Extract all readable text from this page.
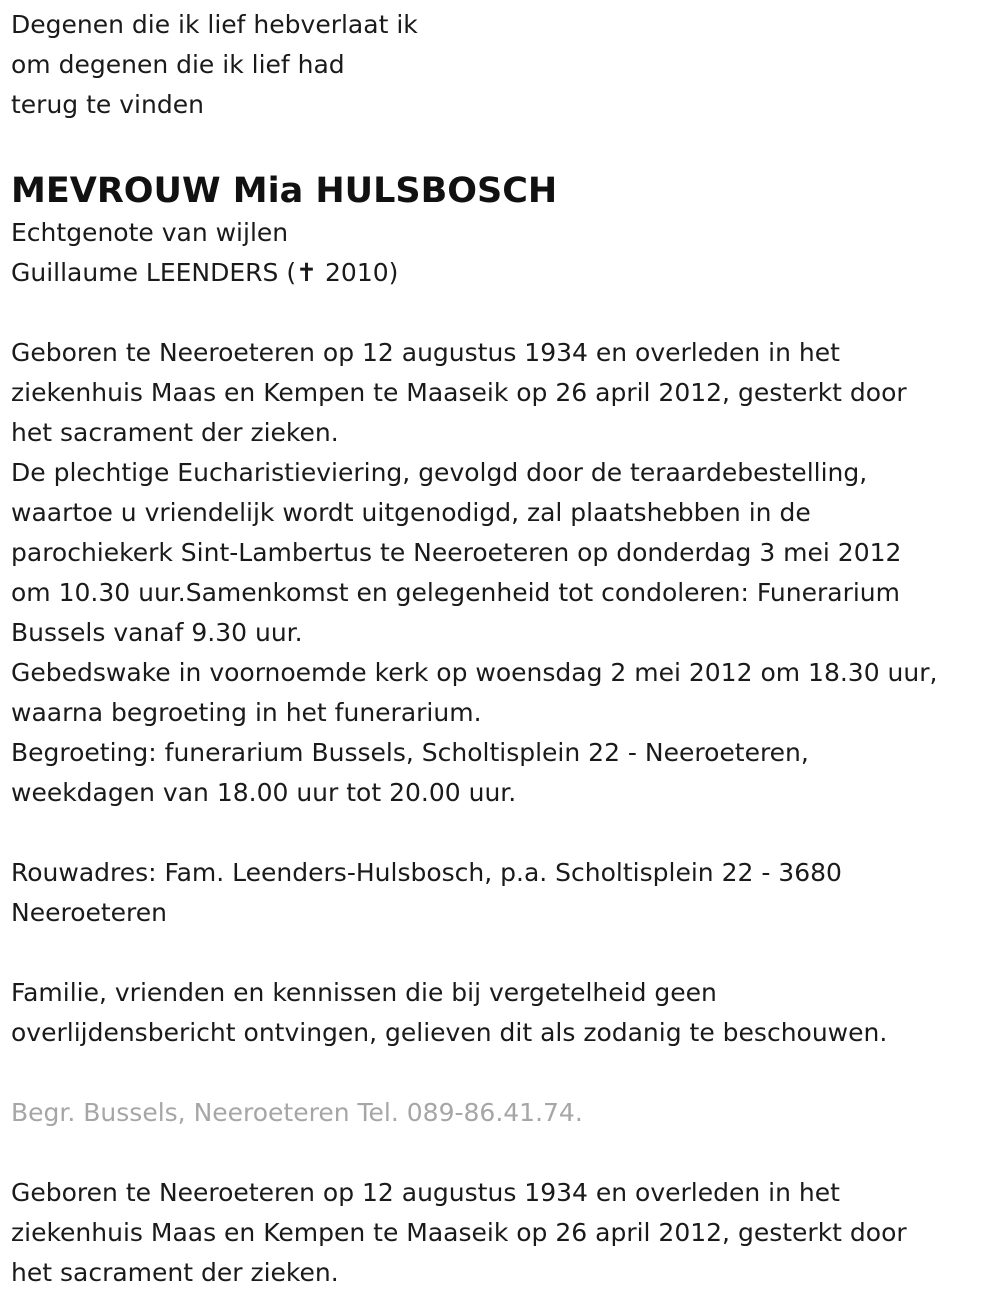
Degenen die ik lief hebverlaat ik
om degenen die ik lief had
terug te vinden
MEVROUW Mia HULSBOSCH
Echtgenote van wijlen
Guillaume LEENDERS (✝ 2010)
Geboren te Neeroeteren op 12 augustus 1934 en overleden in het
ziekenhuis Maas en Kempen te Maaseik op 26 april 2012, gesterkt door
het sacrament der zieken.
De plechtige Eucharistieviering, gevolgd door de teraardebestelling,
waartoe u vriendelijk wordt uitgenodigd, zal plaatshebben in de
parochiekerk Sint-Lambertus te Neeroeteren op donderdag 3 mei 2012
om 10.30 uur.Samenkomst en gelegenheid tot condoleren: Funerarium
Bussels vanaf 9.30 uur.
Gebedswake in voornoemde kerk op woensdag 2 mei 2012 om 18.30 uur,
waarna begroeting in het funerarium.
Begroeting: funerarium Bussels, Scholtisplein 22 - Neeroeteren,
weekdagen van 18.00 uur tot 20.00 uur.
Rouwadres: Fam. Leenders-Hulsbosch, p.a. Scholtisplein 22 - 3680
Neeroeteren
Familie, vrienden en kennissen die bij vergetelheid geen
overlijdensbericht ontvingen, gelieven dit als zodanig te beschouwen.
Begr. Bussels, Neeroeteren Tel. 089-86.41.74.
Geboren te Neeroeteren op 12 augustus 1934 en overleden in het
ziekenhuis Maas en Kempen te Maaseik op 26 april 2012, gesterkt door
het sacrament der zieken.
